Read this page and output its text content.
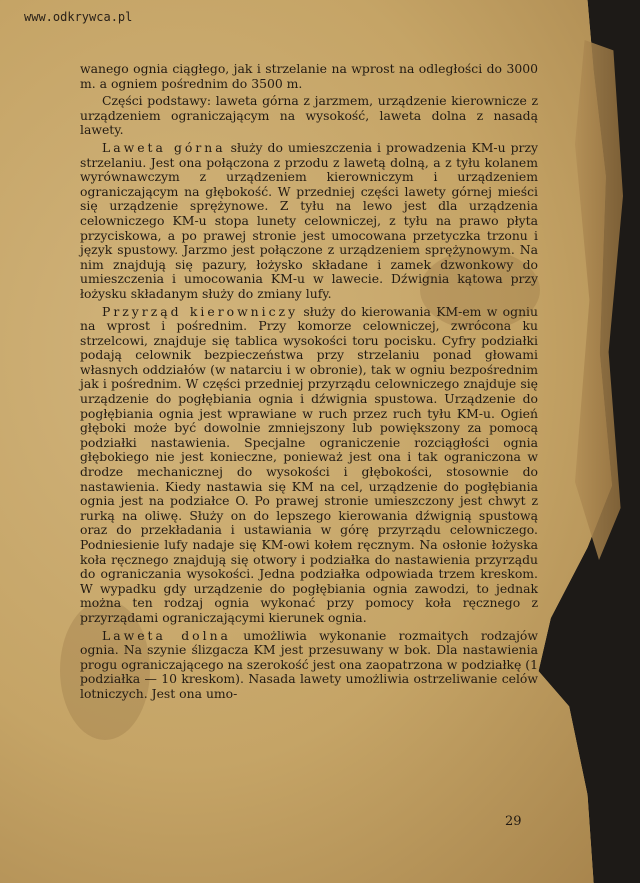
www.odkrywca.pl

wanego ognia ciągłego, jak i strzelanie na wprost na odległości do 3000 m. a ogniem pośrednim do 3500 m.

Części podstawy: laweta górna z jarzmem, urządzenie kierownicze z urządzeniem ograniczającym na wysokość, laweta dolna z nasadą lawety.

Laweta górna służy do umieszczenia i prowadzenia KM-u przy strzelaniu. Jest ona połączona z przodu z lawetą dolną, a z tyłu kolanem wyrównawczym z urządzeniem kierowniczym i urządzeniem ograniczającym na głębokość. W przedniej części lawety górnej mieści się urządzenie sprężynowe. Z tyłu na lewo jest dla urządzenia celowniczego KM-u stopa lunety celowniczej, z tyłu na prawo płyta przyciskowa, a po prawej stronie jest umocowana przetyczka trzonu i język spustowy. Jarzmo jest połączone z urządzeniem sprężynowym. Na nim znajdują się pazury, łożysko składane i zamek dzwonkowy do umieszczenia i umocowania KM-u w lawecie. Dźwignia kątowa przy łożysku składanym służy do zmiany lufy.

Przyrząd kierowniczy służy do kierowania KM-em w ogniu na wprost i pośrednim. Przy komorze celowniczej, zwrócona ku strzelcowi, znajduje się tablica wysokości toru pocisku. Cyfry podziałki podają celownik bezpieczeństwa przy strzelaniu ponad głowami własnych oddziałów (w natarciu i w obronie), tak w ogniu bezpośrednim jak i pośrednim. W części przedniej przyrządu celowniczego znajduje się urządzenie do pogłębiania ognia i dźwignia spustowa. Urządzenie do pogłębiania ognia jest wprawiane w ruch przez ruch tyłu KM-u. Ogień głęboki może być dowolnie zmniejszony lub powiększony za pomocą podziałki nastawienia. Specjalne ograniczenie rozciągłości ognia głębokiego nie jest konieczne, ponieważ jest ona i tak ograniczona w drodze mechanicznej do wysokości i głębokości, stosownie do nastawienia. Kiedy nastawia się KM na cel, urządzenie do pogłębiania ognia jest na podziałce O. Po prawej stronie umieszczony jest chwyt z rurką na oliwę. Służy on do lepszego kierowania dźwignią spustową oraz do przekładania i ustawiania w górę przyrządu celowniczego. Podniesienie lufy nadaje się KM-owi kołem ręcznym. Na osłonie łożyska koła ręcznego znajdują się otwory i podziałka do nastawienia przyrządu do ograniczania wysokości. Jedna podziałka odpowiada trzem kreskom. W wypadku gdy urządzenie do pogłębiania ognia zawodzi, to jednak można ten rodzaj ognia wykonać przy pomocy koła ręcznego z przyrządami ograniczającymi kierunek ognia.

Laweta dolna umożliwia wykonanie rozmaitych rodzajów ognia. Na szynie ślizgacza KM jest przesuwany w bok. Dla nastawienia progu ograniczającego na szerokość jest ona zaopatrzona w podziałkę (1 podziałka — 10 kreskom). Nasada lawety umożliwia ostrzeliwanie celów lotniczych. Jest ona umo-

29
